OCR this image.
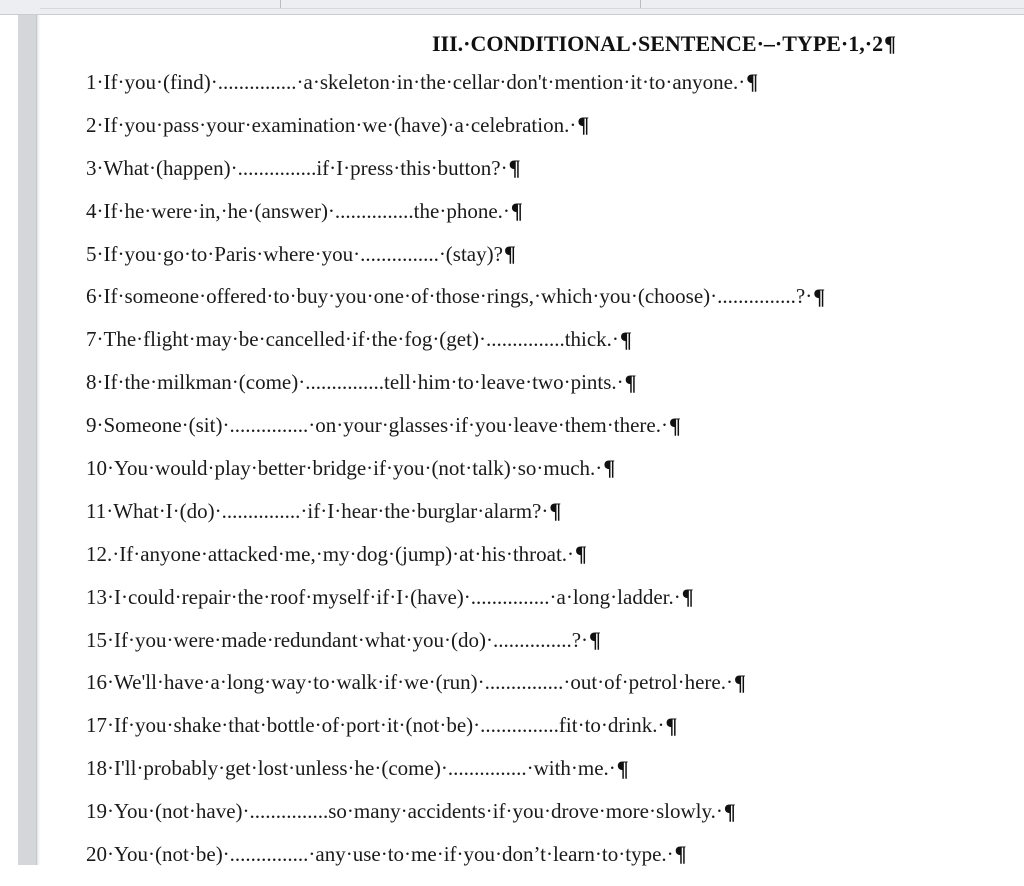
III.·CONDITIONAL·SENTENCE·–·TYPE·1,·2¶
1·If·you·(find)·...............·a·skeleton·in·the·cellar·don't·mention·it·to·anyone.· ¶
2·If·you·pass·your·examination·we·(have)·a·celebration.· ¶
3·What·(happen)·...............if·I·press·this·button?· ¶
4·If·he·were·in,·he·(answer)·...............the·phone.· ¶
5·If·you·go·to·Paris·where·you·...............·(stay)? ¶
6·If·someone·offered·to·buy·you·one·of·those·rings,·which·you·(choose)·...............?· ¶
7·The·flight·may·be·cancelled·if·the·fog·(get)·...............thick.· ¶
8·If·the·milkman·(come)·...............tell·him·to·leave·two·pints.· ¶
9·Someone·(sit)·...............·on·your·glasses·if·you·leave·them·there.· ¶
10·You·would·play·better·bridge·if·you·(not·talk)·so·much.· ¶
11·What·I·(do)·...............·if·I·hear·the·burglar·alarm?· ¶
12.·If·anyone·attacked·me,·my·dog·(jump)·at·his·throat.· ¶
13·I·could·repair·the·roof·myself·if·I·(have)·...............·a·long·ladder.· ¶
15·If·you·were·made·redundant·what·you·(do)·...............?· ¶
16·We'll·have·a·long·way·to·walk·if·we·(run)·...............·out·of·petrol·here.· ¶
17·If·you·shake·that·bottle·of·port·it·(not·be)·...............fit·to·drink.· ¶
18·I'll·probably·get·lost·unless·he·(come)·...............·with·me.· ¶
19·You·(not·have)·...............so·many·accidents·if·you·drove·more·slowly.· ¶
20·You·(not·be)·...............·any·use·to·me·if·you·don’t·learn·to·type.· ¶
